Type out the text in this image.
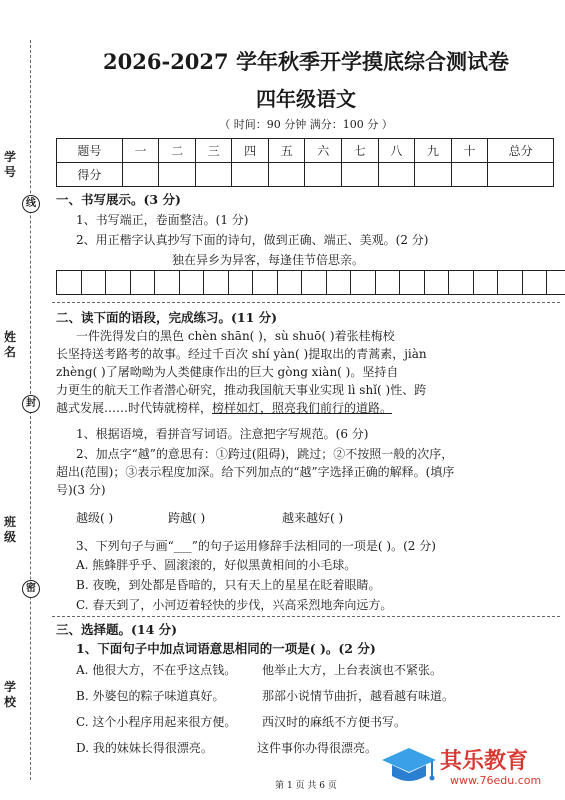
学号
姓名
班级
学校
线
封
密
2026-2027 学年秋季开学摸底综合测试卷
四年级语文
（ 时间：90 分钟 满分：100 分 ）
题号	一	二	三	四	五	六	七	八	九	十	总分
得分											
一、书写展示。(3 分)
1、书写端正，卷面整洁。(1 分)
2、用正楷字认真抄写下面的诗句，做到正确、端正、美观。(2 分)
独在异乡为异客，每逢佳节倍思亲。
二、读下面的语段，完成练习。(11 分)
一件洗得发白的黑色 chèn shān( )，sù shuō( )着张桂梅校
长坚持送考路考的故事。经过千百次 shí yàn( )提取出的青蒿素，jiàn
zhèng( )了屠呦呦为人类健康作出的巨大 gòng xiàn( )。坚持自
力更生的航天工作者潜心研究，推动我国航天事业实现 lì shǐ( )性、跨
越式发展……时代铸就榜样，榜样如灯，照亮我们前行的道路。
1、根据语境，看拼音写词语。注意把字写规范。(6 分)
2、加点字“越”的意思有：①跨过(阻碍)，跳过；②不按照一般的次序，
超出(范围)；③表示程度加深。给下列加点的“越”字选择正确的解释。(填序
号)(3 分)
越级( )	跨越( )	越来越好( )
3、下列句子与画“___”的句子运用修辞手法相同的一项是( )。(2 分)
A. 熊蜂胖乎乎、圆滚滚的，好似黑黄相间的小毛球。
B. 夜晚，到处都是昏暗的，只有天上的星星在眨着眼睛。
C. 春天到了，小河迈着轻快的步伐，兴高采烈地奔向远方。
三、选择题。(14 分)
1、下面句子中加点词语意思相同的一项是( )。(2 分)
A. 他很大方，不在乎这点钱。	他举止大方，上台表演也不紧张。
B. 外婆包的粽子味道真好。	那部小说情节曲折，越看越有味道。
C. 这个小程序用起来很方便。	西汉时的麻纸不方便书写。
D. 我的妹妹长得很漂亮。	这件事你办得很漂亮。
第 1 页 共 6 页
其乐教育
www.76edu.com
